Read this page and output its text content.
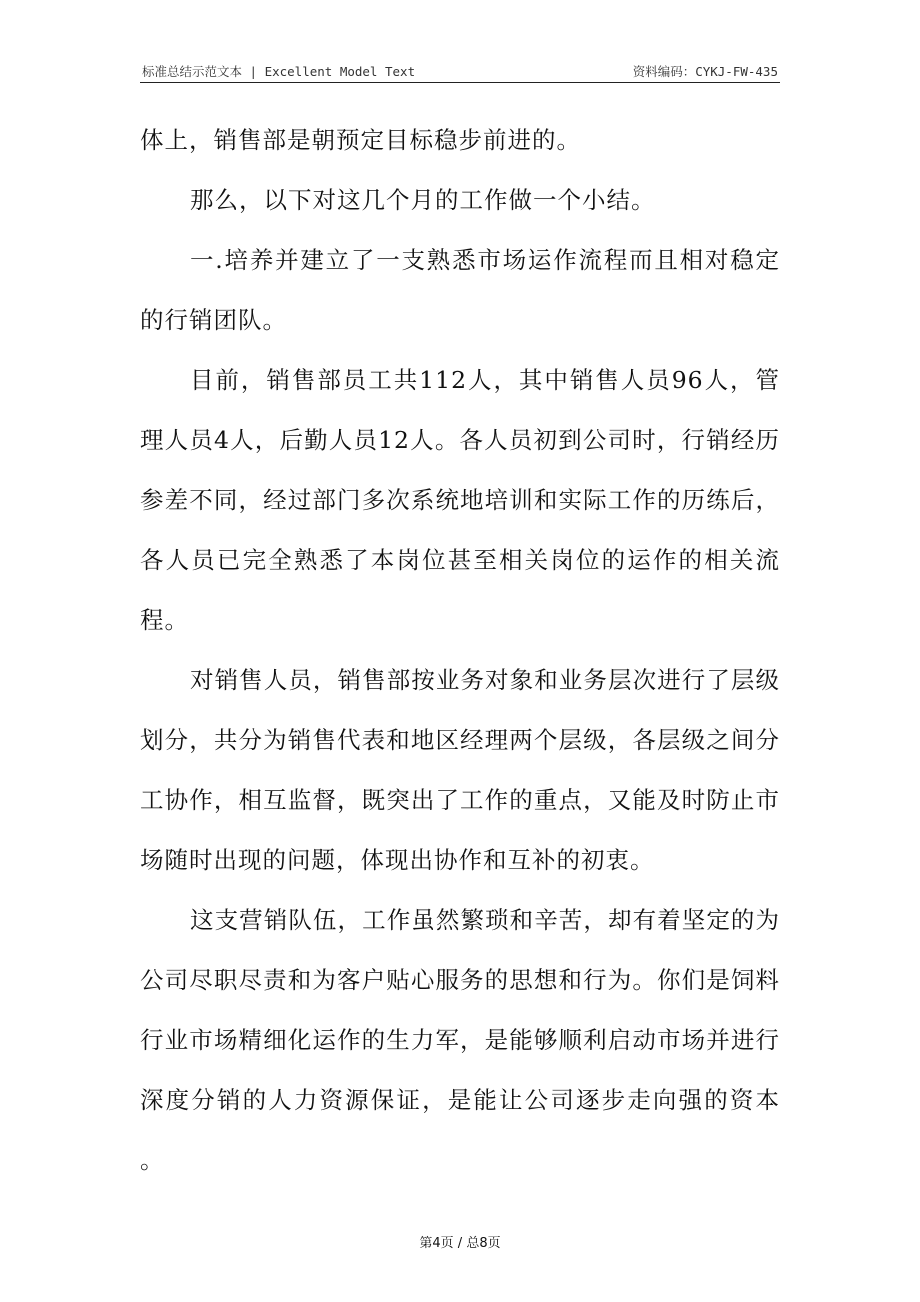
标准总结示范文本 | Excellent Model Text	资料编码：CYKJ-FW-435

体上，销售部是朝预定目标稳步前进的。

那么，以下对这几个月的工作做一个小结。

一.培养并建立了一支熟悉市场运作流程而且相对稳定的行销团队。

目前，销售部员工共112人，其中销售人员96人，管理人员4人，后勤人员12人。各人员初到公司时，行销经历参差不同，经过部门多次系统地培训和实际工作的历练后，各人员已完全熟悉了本岗位甚至相关岗位的运作的相关流程。

对销售人员，销售部按业务对象和业务层次进行了层级划分，共分为销售代表和地区经理两个层级，各层级之间分工协作，相互监督，既突出了工作的重点，又能及时防止市场随时出现的问题，体现出协作和互补的初衷。

这支营销队伍，工作虽然繁琐和辛苦，却有着坚定的为公司尽职尽责和为客户贴心服务的思想和行为。你们是饲料行业市场精细化运作的生力军，是能够顺利启动市场并进行深度分销的人力资源保证，是能让公司逐步走向强的资本 。

第4页 / 总8页
